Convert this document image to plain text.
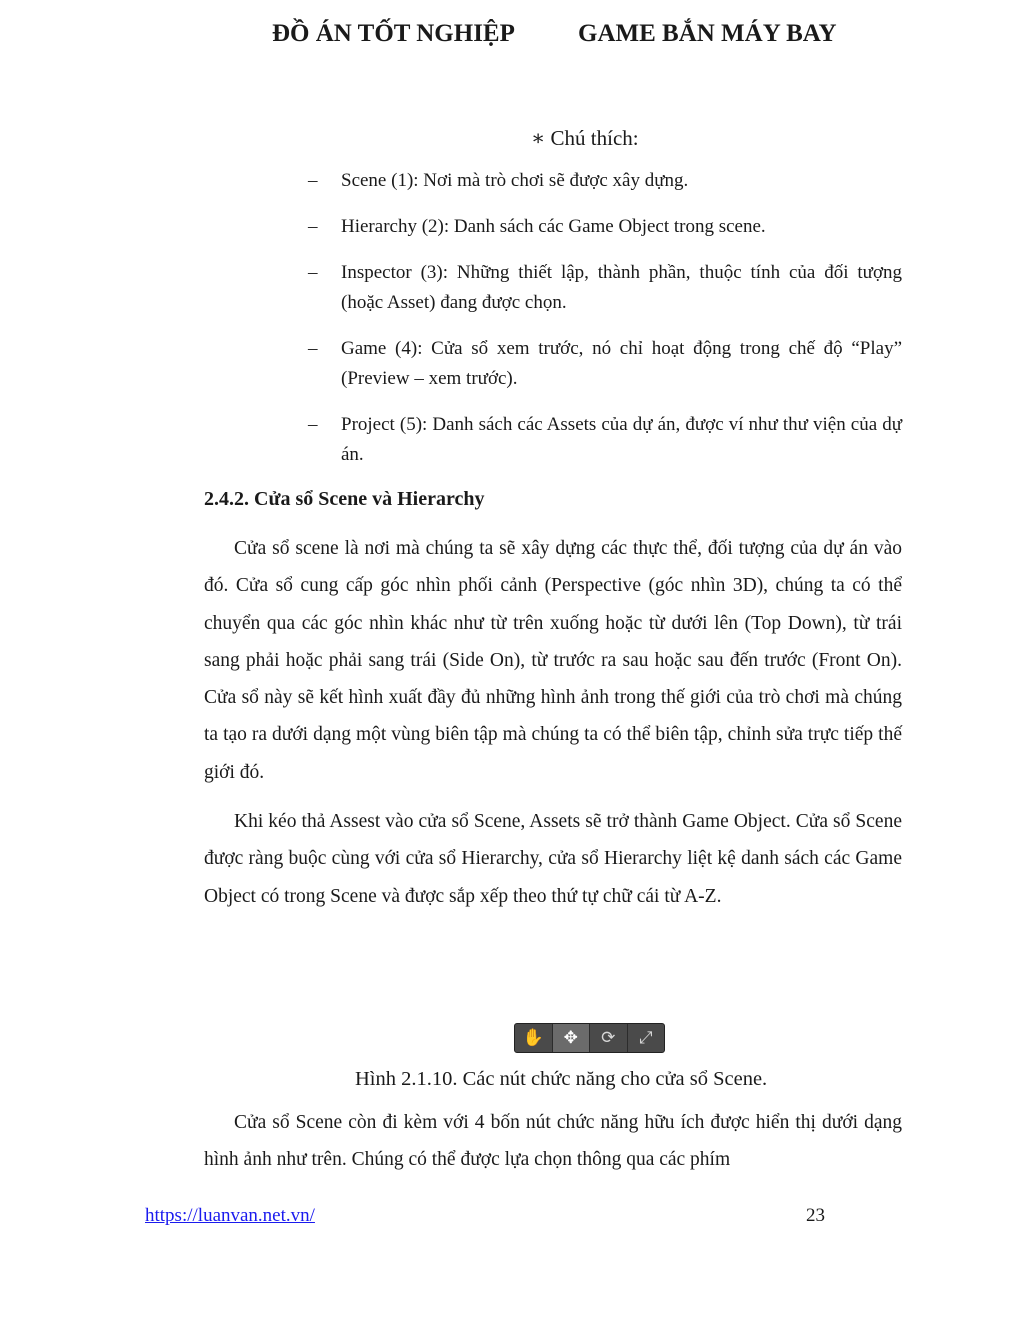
ĐỒ ÁN TỐT NGHIỆP	GAME BẮN MÁY BAY
∗ Chú thích:
– Scene (1): Nơi mà trò chơi sẽ được xây dựng.
– Hierarchy (2): Danh sách các Game Object trong scene.
– Inspector (3): Những thiết lập, thành phần, thuộc tính của đối tượng (hoặc Asset) đang được chọn.
– Game (4): Cửa sổ xem trước, nó chỉ hoạt động trong chế độ “Play” (Preview – xem trước).
– Project (5): Danh sách các Assets của dự án, được ví như thư viện của dự án.
2.4.2. Cửa sổ Scene và Hierarchy

Cửa sổ scene là nơi mà chúng ta sẽ xây dựng các thực thể, đối tượng của dự án vào đó. Cửa sổ cung cấp góc nhìn phối cảnh (Perspective (góc nhìn 3D), chúng ta có thể chuyển qua các góc nhìn khác như từ trên xuống hoặc từ dưới lên (Top Down), từ trái sang phải hoặc phải sang trái (Side On), từ trước ra sau hoặc sau đến trước (Front On). Cửa sổ này sẽ kết hình xuất đầy đủ những hình ảnh trong thế giới của trò chơi mà chúng ta tạo ra dưới dạng một vùng biên tập mà chúng ta có thể biên tập, chỉnh sửa trực tiếp thế giới đó.

Khi kéo thả Assest vào cửa sổ Scene, Assets sẽ trở thành Game Object. Cửa sổ Scene được ràng buộc cùng với cửa sổ Hierarchy, cửa sổ Hierarchy liệt kệ danh sách các Game Object có trong Scene và được sắp xếp theo thứ tự chữ cái từ A-Z.

✋	✥	⟳	⤢
Hình 2.1.10. Các nút chức năng cho cửa sổ Scene.

Cửa sổ Scene còn đi kèm với 4 bốn nút chức năng hữu ích được hiển thị dưới dạng hình ảnh như trên. Chúng có thể được lựa chọn thông qua các phím

https://luanvan.net.vn/	23
